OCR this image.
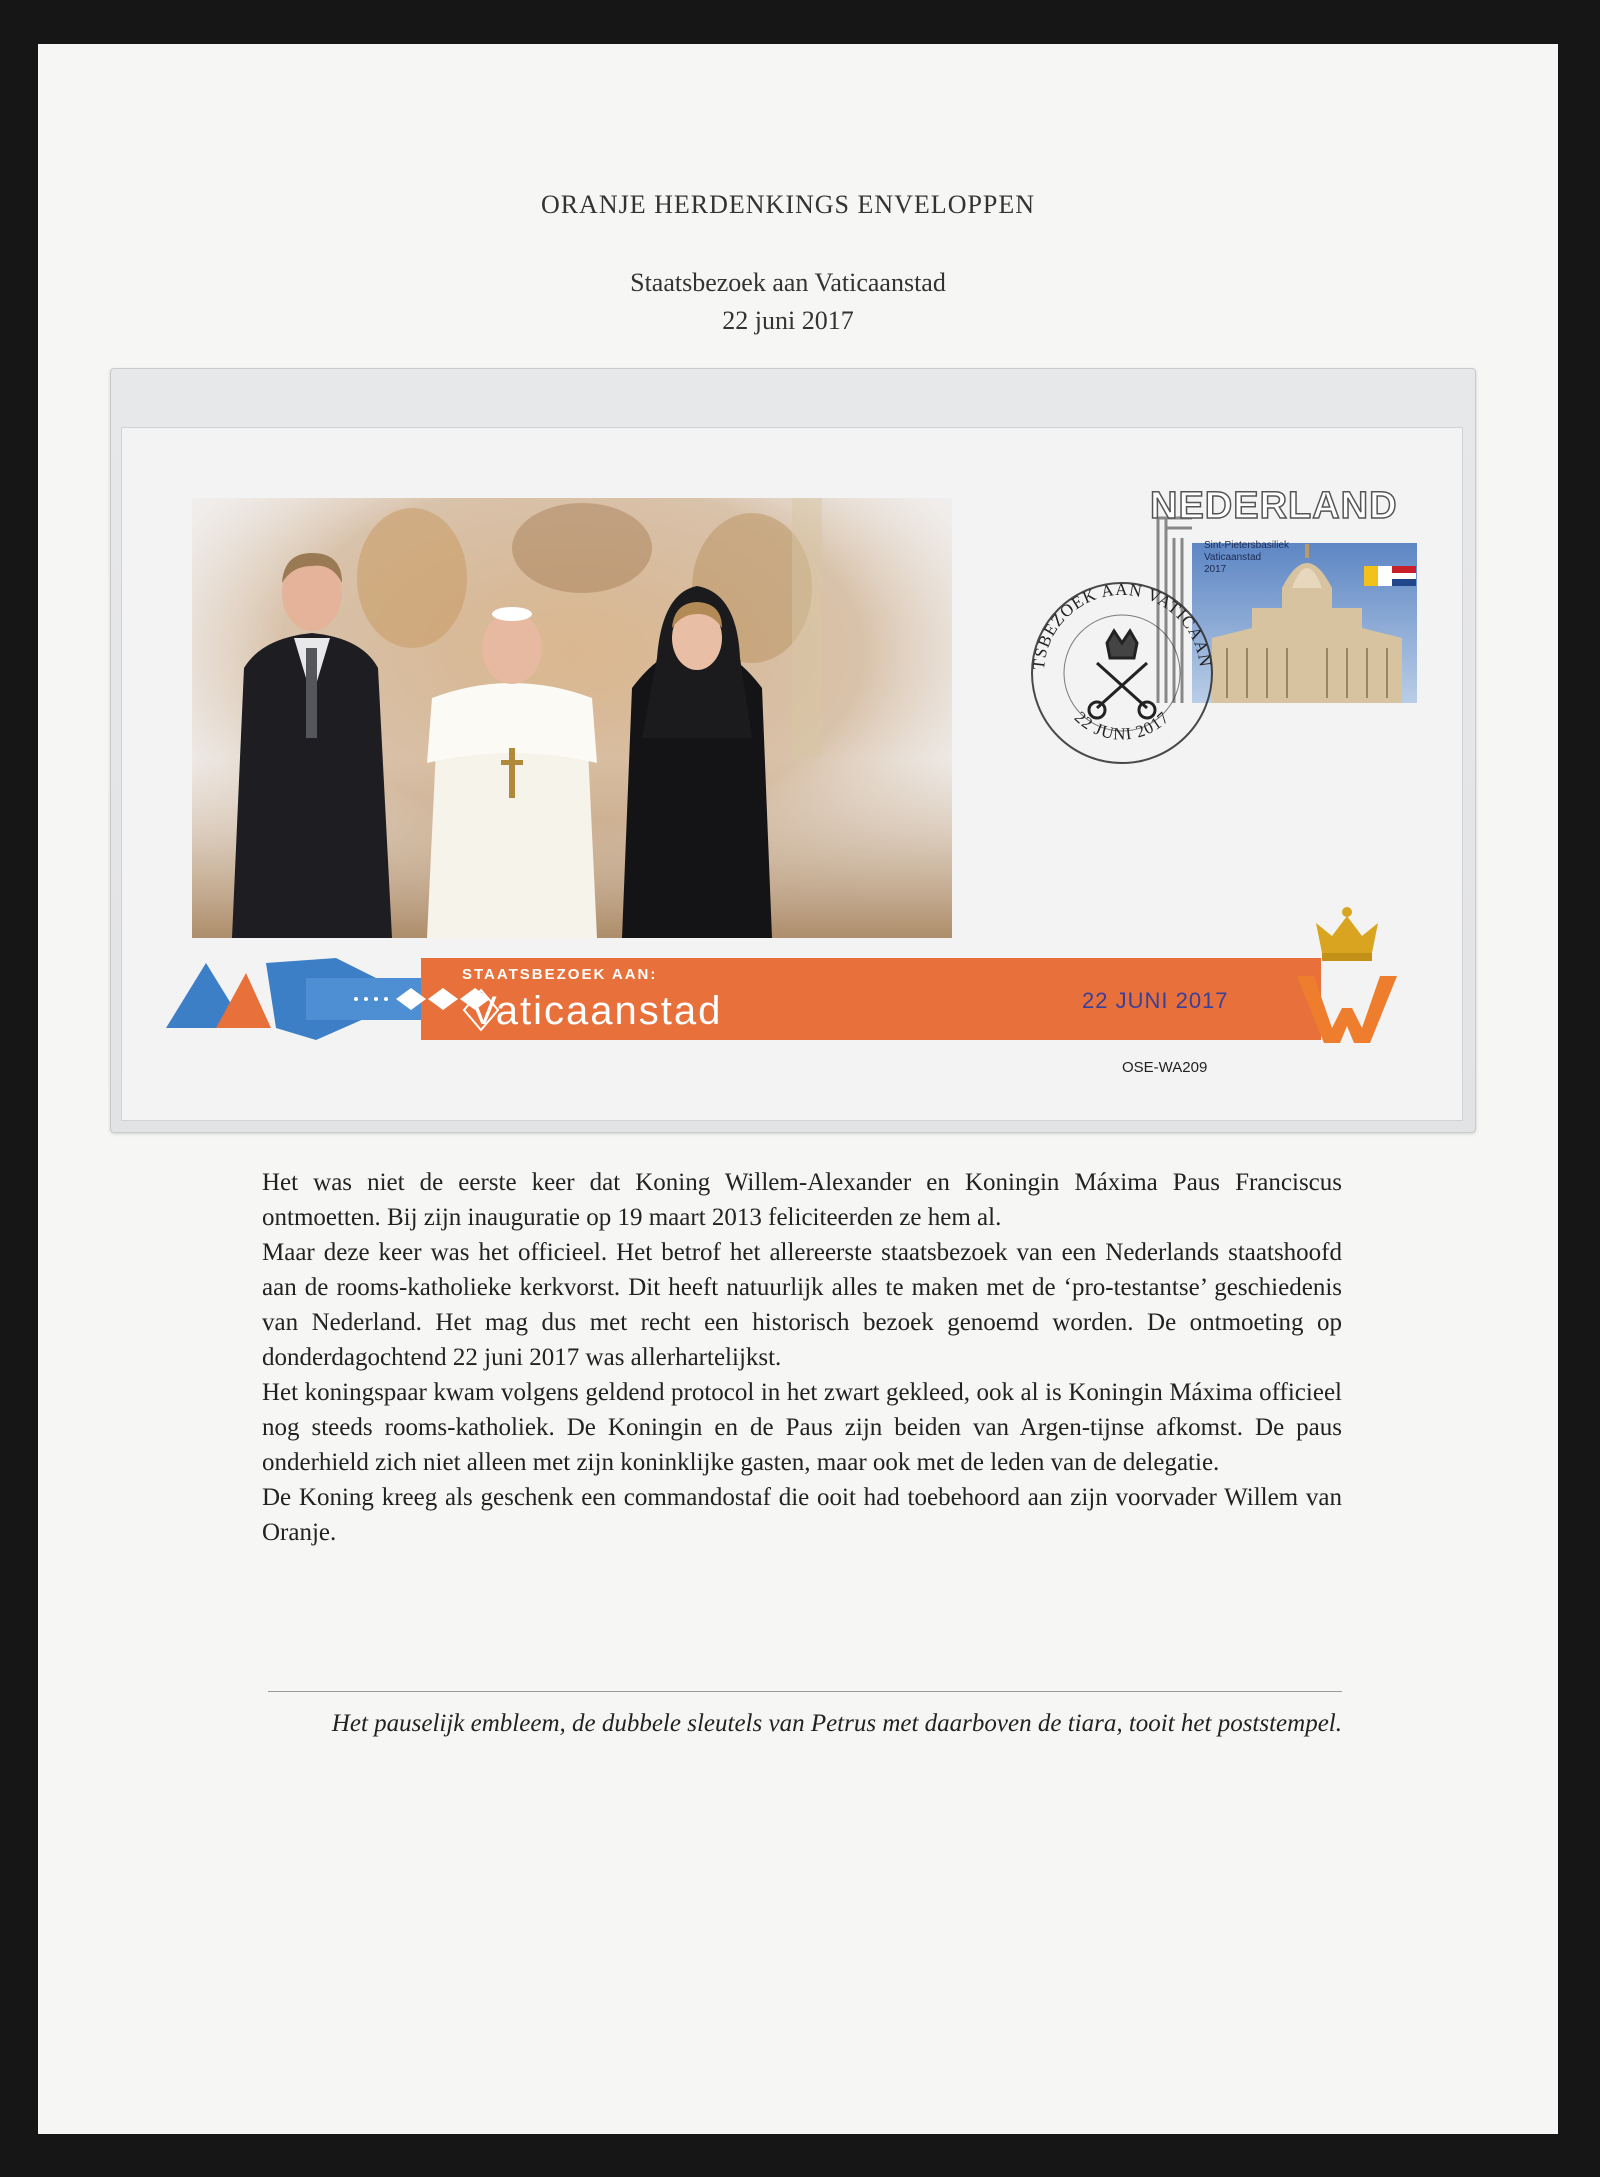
ORANJE HERDENKINGS ENVELOPPEN
Staatsbezoek aan Vaticaanstad
22 juni 2017
NEDERLAND
Sint-Pietersbasiliek
Vaticaanstad
2017
STAATSBEZOEK AAN VATICAANSTAD
22 JUNI 2017
STAATSBEZOEK AAN:
Vaticaanstad	22 JUNI 2017
OSE-WA209

Het was niet de eerste keer dat Koning Willem-Alexander en Koningin Máxima Paus Franciscus ontmoetten. Bij zijn inauguratie op 19 maart 2013 feliciteerden ze hem al.

Maar deze keer was het officieel. Het betrof het allereerste staatsbezoek van een Nederlands staatshoofd aan de rooms-katholieke kerkvorst. Dit heeft natuurlijk alles te maken met de ‘pro-testantse’ geschiedenis van Nederland. Het mag dus met recht een historisch bezoek genoemd worden. De ontmoeting op donderdagochtend 22 juni 2017 was allerhartelijkst.

Het koningspaar kwam volgens geldend protocol in het zwart gekleed, ook al is Koningin Máxima officieel nog steeds rooms-katholiek. De Koningin en de Paus zijn beiden van Argen-tijnse afkomst. De paus onderhield zich niet alleen met zijn koninklijke gasten, maar ook met de leden van de delegatie.

De Koning kreeg als geschenk een commandostaf die ooit had toebehoord aan zijn voorvader Willem van Oranje.

Het pauselijk embleem, de dubbele sleutels van Petrus met daarboven de tiara, tooit het poststempel.
